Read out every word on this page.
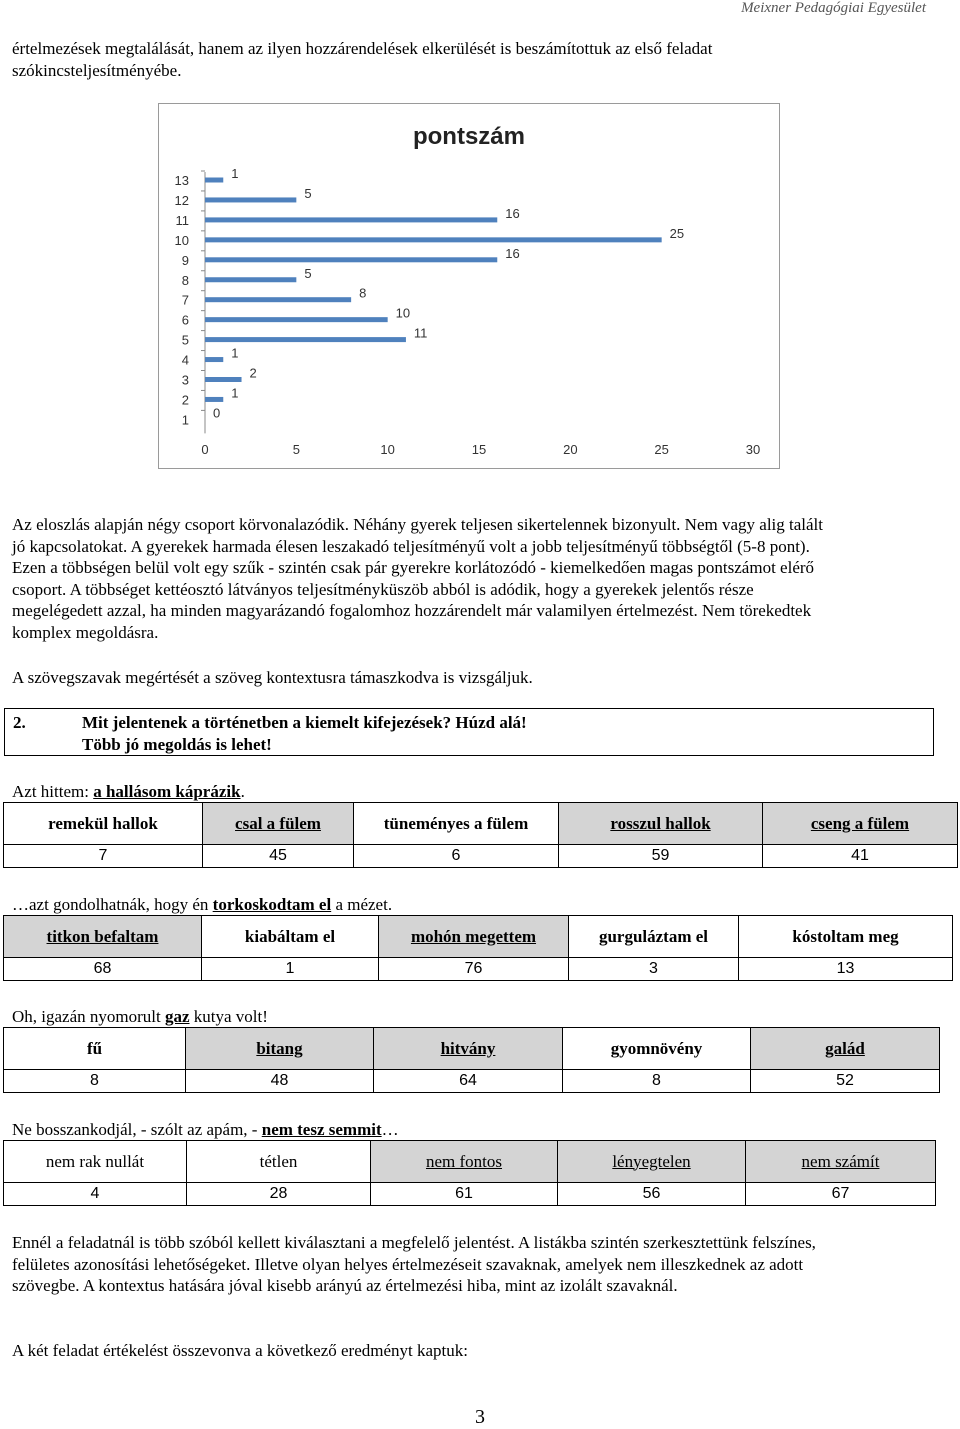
Meixner Pedagógiai Egyesület
értelmezések megtalálását, hanem az ilyen hozzárendelések elkerülését is beszámítottuk az első feladat
szókincsteljesítményébe.
pontszám
1 0
2	1
3	2
4	1
5	11
6	10
7	8
8	5
9	16
10	25
11	16
12	5
13	1
0	5	10	15	20	25	30
Az eloszlás alapján négy csoport körvonalazódik. Néhány gyerek teljesen sikertelennek bizonyult. Nem vagy alig talált
jó kapcsolatokat. A gyerekek harmada élesen leszakadó teljesítményű volt a jobb teljesítményű többségtől (5-8 pont).
Ezen a többségen belül volt egy szűk - szintén csak pár gyerekre korlátozódó - kiemelkedően magas pontszámot elérő
csoport. A többséget kettéosztó látványos teljesítményküszöb abból is adódik, hogy a gyerekek jelentős része
megelégedett azzal, ha minden magyarázandó fogalomhoz hozzárendelt már valamilyen értelmezést. Nem törekedtek
komplex megoldásra.
A szövegszavak megértését a szöveg kontextusra támaszkodva is vizsgáljuk.
2.	Mit jelentenek a történetben a kiemelt kifejezések? Húzd alá!
Több jó megoldás is lehet!
Azt hittem: a hallásom káprázik.
remekül hallok	csal a fülem	tüneményes a fülem	rosszul hallok	cseng a fülem
7	45	6	59	41
…azt gondolhatnák, hogy én torkoskodtam el a mézet.
titkon befaltam	kiabáltam el	mohón megettem	gurguláztam el	kóstoltam meg
68	1	76	3	13
Oh, igazán nyomorult gaz kutya volt!
fű	bitang	hitvány	gyomnövény	galád
8	48	64	8	52
Ne bosszankodjál, - szólt az apám, - nem tesz semmit…
nem rak nullát	tétlen	nem fontos	lényegtelen	nem számít
4	28	61	56	67
Ennél a feladatnál is több szóból kellett kiválasztani a megfelelő jelentést. A listákba szintén szerkesztettünk felszínes,
felületes azonosítási lehetőségeket. Illetve olyan helyes értelmezéseit szavaknak, amelyek nem illeszkednek az adott
szövegbe. A kontextus hatására jóval kisebb arányú az értelmezési hiba, mint az izolált szavaknál.
A két feladat értékelést összevonva a következő eredményt kaptuk:
3
